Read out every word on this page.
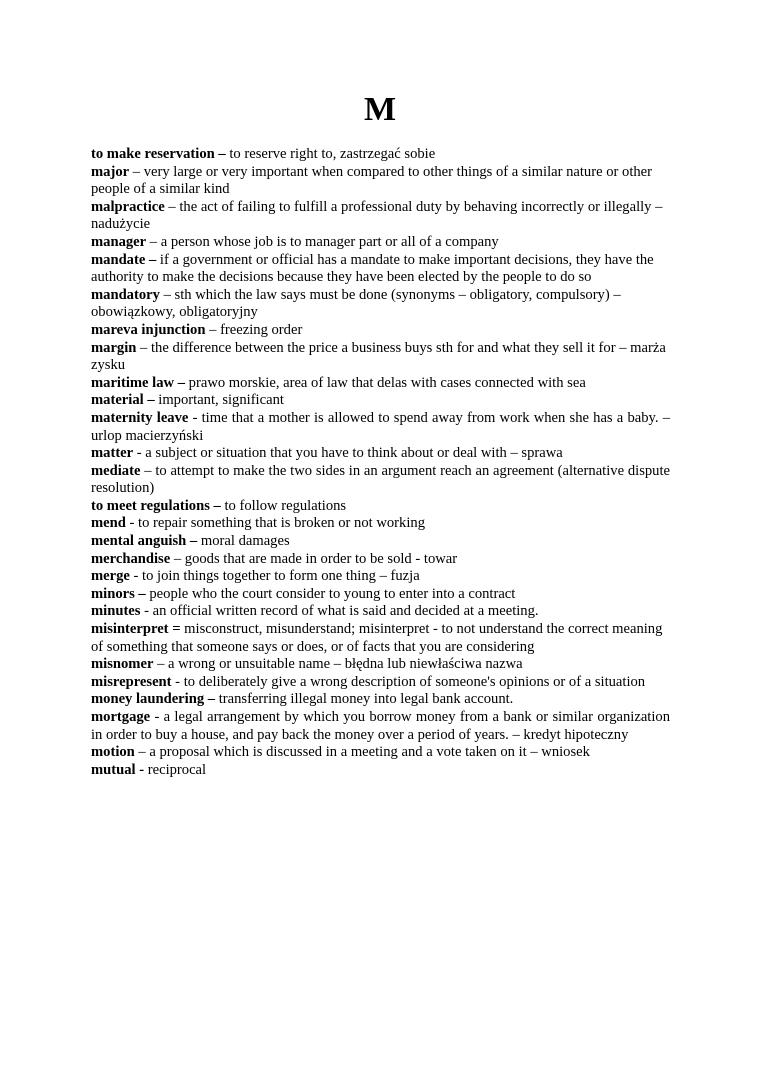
M

to make reservation – to reserve right to, zastrzegać sobie

major – very large or very important when compared to other things of a similar nature or other people of a similar kind

malpractice – the act of failing to fulfill a professional duty by behaving incorrectly or illegally – nadużycie

manager – a person whose job is to manager part or all of a company

mandate – if a government or official has a mandate to make important decisions, they have the authority to make the decisions because they have been elected by the people to do so

mandatory – sth which the law says must be done (synonyms – obligatory, compulsory) – obowiązkowy, obligatoryjny

mareva injunction – freezing order

margin – the difference between the price a business buys sth for and what they sell it for – marża zysku

maritime law – prawo morskie, area of law that delas with cases connected with sea

material – important, significant

maternity leave - time that a mother is allowed to spend away from work when she has a baby. – urlop macierzyński

matter - a subject or situation that you have to think about or deal with – sprawa

mediate – to attempt to make the two sides in an argument reach an agreement (alternative dispute resolution)

to meet regulations – to follow regulations

mend - to repair something that is broken or not working

mental anguish – moral damages

merchandise – goods that are made in order to be sold - towar

merge - to join things together to form one thing – fuzja

minors – people who the court consider to young to enter into a contract

minutes - an official written record of what is said and decided at a meeting.

misinterpret = misconstruct, misunderstand; misinterpret - to not understand the correct meaning of something that someone says or does, or of facts that you are considering

misnomer – a wrong or unsuitable name – błędna lub niewłaściwa nazwa

misrepresent - to deliberately give a wrong description of someone's opinions or of a situation

money laundering – transferring illegal money into legal bank account.

mortgage - a legal arrangement by which you borrow money from a bank or similar organization in order to buy a house, and pay back the money over a period of years. – kredyt hipoteczny

motion – a proposal which is discussed in a meeting and a vote taken on it – wniosek

mutual - reciprocal
